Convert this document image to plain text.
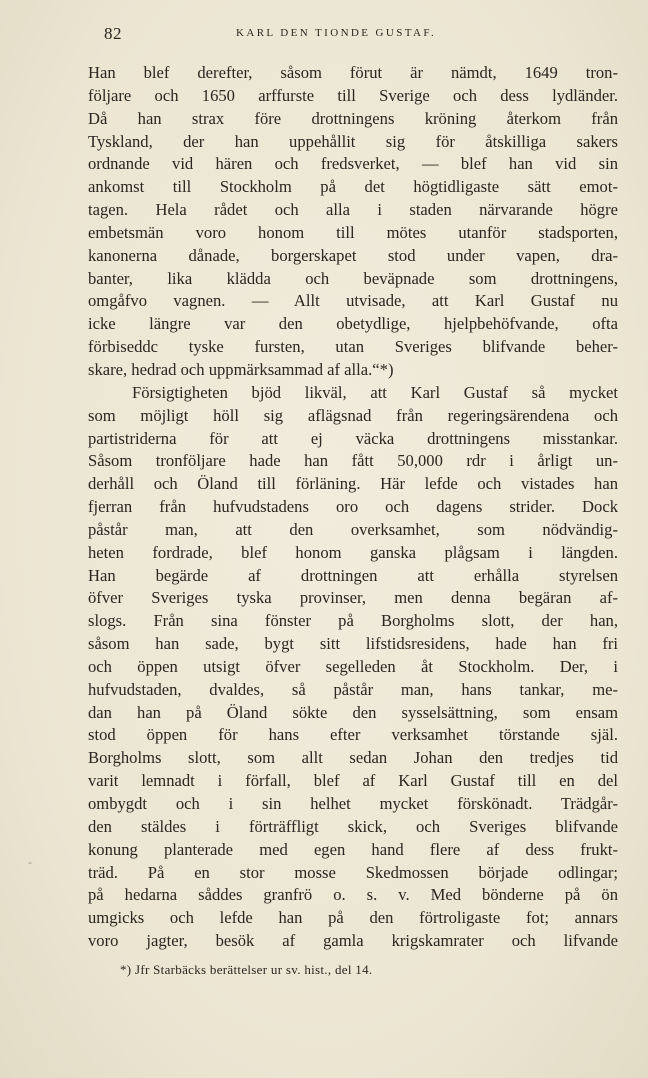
82	KARL DEN TIONDE GUSTAF.
-
Han blef derefter, såsom förut är nämdt, 1649 tron-
följare och 1650 arffurste till Sverige och dess lydländer.
Då han strax före drottningens kröning återkom från
Tyskland, der han uppehållit sig för åtskilliga sakers
ordnande vid hären och fredsverket, — blef han vid sin
ankomst till Stockholm på det högtidligaste sätt emot-
tagen. Hela rådet och alla i staden närvarande högre
embetsmän voro honom till mötes utanför stadsporten,
kanonerna dånade, borgerskapet stod under vapen, dra-
banter, lika klädda och beväpnade som drottningens,
omgåfvo vagnen. — Allt utvisade, att Karl Gustaf nu
icke längre var den obetydlige, hjelpbehöfvande, ofta
förbiseddc tyske fursten, utan Sveriges blifvande beher-
skare, hedrad och uppmärksammad af alla.“*)
Försigtigheten bjöd likväl, att Karl Gustaf så mycket
som möjligt höll sig aflägsnad från regeringsärendena och
partistriderna för att ej väcka drottningens misstankar.
Såsom tronföljare hade han fått 50,000 rdr i årligt un-
derhåll och Öland till förläning. Här lefde och vistades han
fjerran från hufvudstadens oro och dagens strider. Dock
påstår man, att den overksamhet, som nödvändig-
heten fordrade, blef honom ganska plågsam i längden.
Han begärde af drottningen att erhålla styrelsen
öfver Sveriges tyska provinser, men denna begäran af-
slogs. Från sina fönster på Borgholms slott, der han,
såsom han sade, bygt sitt lifstidsresidens, hade han fri
och öppen utsigt öfver segelleden åt Stockholm. Der, i
hufvudstaden, dvaldes, så påstår man, hans tankar, me-
dan han på Öland sökte den sysselsättning, som ensam
stod öppen för hans efter verksamhet törstande själ.
Borgholms slott, som allt sedan Johan den tredjes tid
varit lemnadt i förfall, blef af Karl Gustaf till en del
ombygdt och i sin helhet mycket förskönadt. Trädgår-
den stäldes i förträffligt skick, och Sveriges blifvande
konung planterade med egen hand flere af dess frukt-
träd. På en stor mosse Skedmossen började odlingar;
på hedarna såddes granfrö o. s. v. Med bönderne på ön
umgicks och lefde han på den förtroligaste fot; annars
voro jagter, besök af gamla krigskamrater och lifvande
*) Jfr Starbäcks berättelser ur sv. hist., del 14.
